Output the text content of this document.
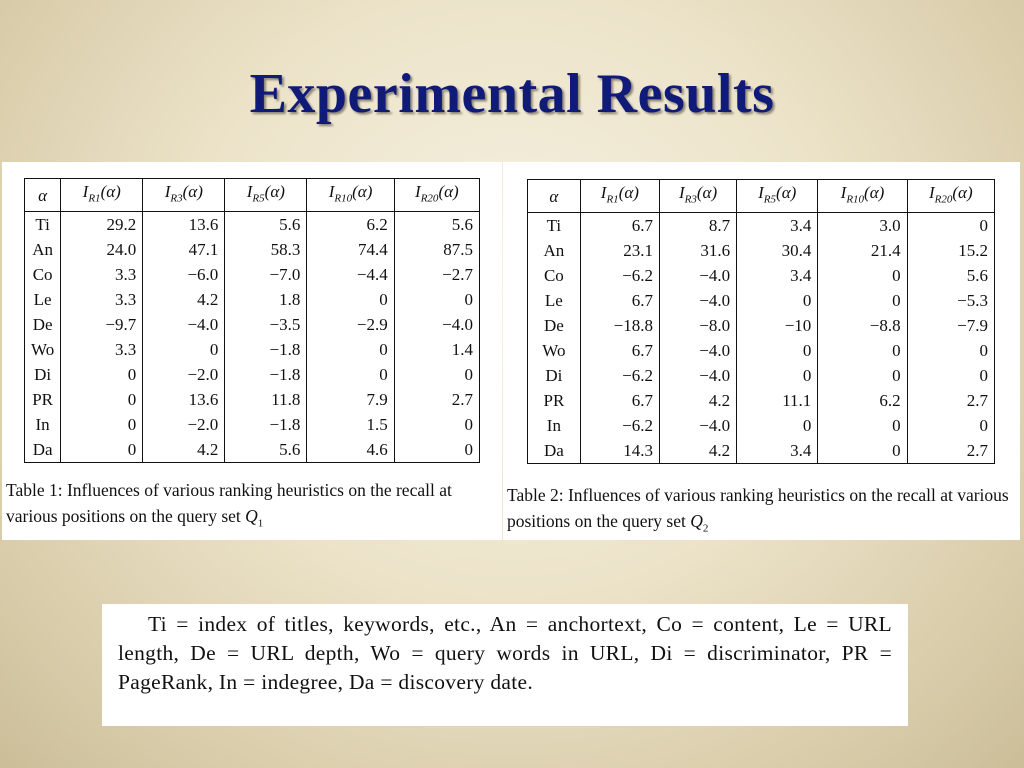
Experimental Results
α	$I_{R1}(\alpha)$	$I_{R3}(\alpha)$	$I_{R5}(\alpha)$	$I_{R10}(\alpha)$	$I_{R20}(\alpha)$
Ti	29.2	13.6	5.6	6.2	5.6
An	24.0	47.1	58.3	74.4	87.5
Co	3.3	−6.0	−7.0	−4.4	−2.7
Le	3.3	4.2	1.8	0	0
De	−9.7	−4.0	−3.5	−2.9	−4.0
Wo	3.3	0	−1.8	0	1.4
Di	0	−2.0	−1.8	0	0
PR	0	13.6	11.8	7.9	2.7
In	0	−2.0	−1.8	1.5	0
Da	0	4.2	5.6	4.6	0

Table 1: Influences of various ranking heuristics on the recall at various positions on the query set $Q_1$

α	$I_{R1}(\alpha)$	$I_{R3}(\alpha)$	$I_{R5}(\alpha)$	$I_{R10}(\alpha)$	$I_{R20}(\alpha)$
Ti	6.7	8.7	3.4	3.0	0
An	23.1	31.6	30.4	21.4	15.2
Co	−6.2	−4.0	3.4	0	5.6
Le	6.7	−4.0	0	0	−5.3
De	−18.8	−8.0	−10	−8.8	−7.9
Wo	6.7	−4.0	0	0	0
Di	−6.2	−4.0	0	0	0
PR	6.7	4.2	11.1	6.2	2.7
In	−6.2	−4.0	0	0	0
Da	14.3	4.2	3.4	0	2.7

Table 2: Influences of various ranking heuristics on the recall at various positions on the query set $Q_2$

Ti = index of titles, keywords, etc., An = anchortext, Co = content, Le = URL length, De = URL depth, Wo = query words in URL, Di = discriminator, PR = PageRank, In = indegree, Da = discovery date.
